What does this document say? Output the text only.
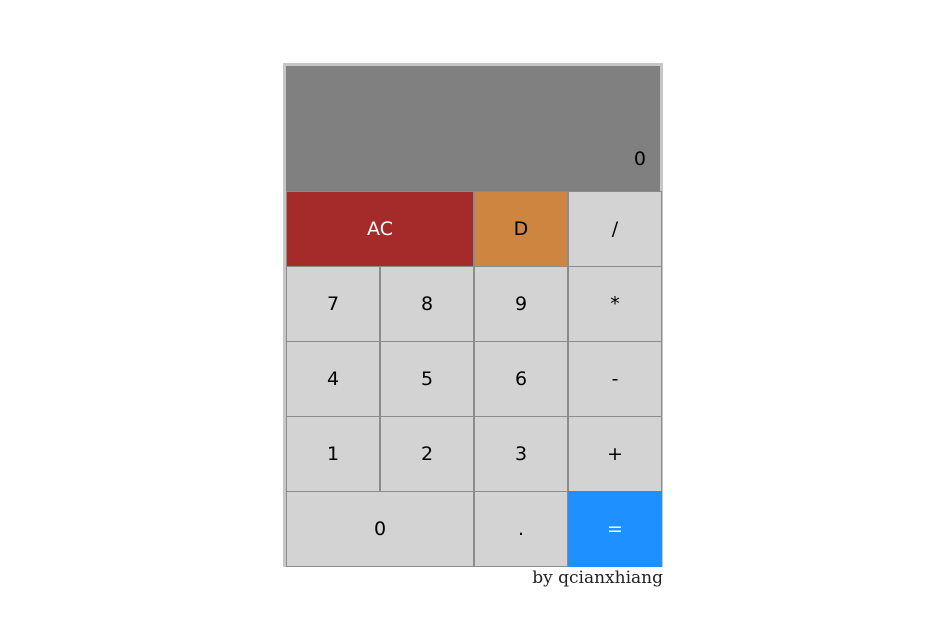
0
AC	D	/
7	8	9	*
4	5	6	-
1	2	3	+
0	.	=
by qcianxhiang
